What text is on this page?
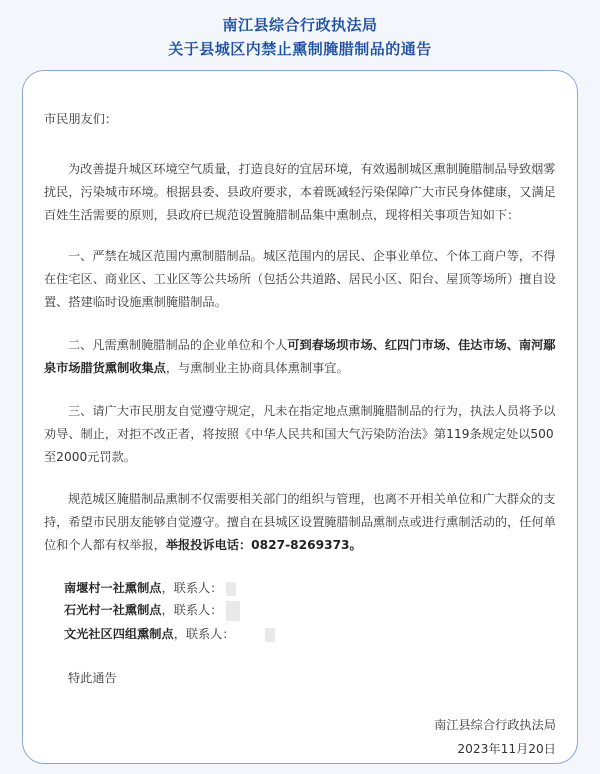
南江县综合行政执法局
关于县城区内禁止熏制腌腊制品的通告
市民朋友们：
为改善提升城区环境空气质量，打造良好的宜居环境，有效遏制城区熏制腌腊制品导致烟雾扰民，污染城市环境。根据县委、县政府要求，本着既减轻污染保障广大市民身体健康，又满足百姓生活需要的原则，县政府已规范设置腌腊制品集中熏制点，现将相关事项告知如下：
一、严禁在城区范围内熏制腊制品。城区范围内的居民、企事业单位、个体工商户等，不得在住宅区、商业区、工业区等公共场所（包括公共道路、居民小区、阳台、屋顶等场所）擅自设置、搭建临时设施熏制腌腊制品。
二、凡需熏制腌腊制品的企业单位和个人可到春场坝市场、红四门市场、佳达市场、南河鄢泉市场腊货熏制收集点，与熏制业主协商具体熏制事宜。
三、请广大市民朋友自觉遵守规定，凡未在指定地点熏制腌腊制品的行为，执法人员将予以劝导、制止，对拒不改正者，将按照《中华人民共和国大气污染防治法》第119条规定处以500至2000元罚款。
规范城区腌腊制品熏制不仅需要相关部门的组织与管理，也离不开相关单位和广大群众的支持，希望市民朋友能够自觉遵守。擅自在县城区设置腌腊制品熏制点或进行熏制活动的，任何单位和个人都有权举报，举报投诉电话：0827-8269373。
南堰村一社熏制点，联系人：
石光村一社熏制点，联系人：
文光社区四组熏制点，联系人：
特此通告
南江县综合行政执法局
2023年11月20日
